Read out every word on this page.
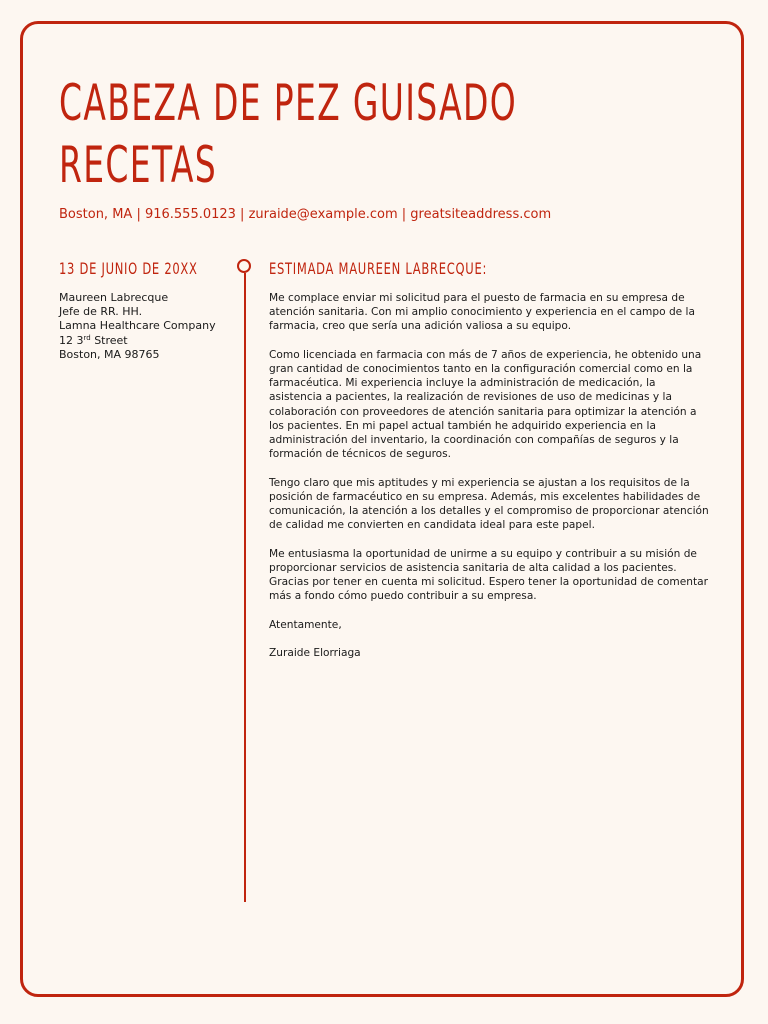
CABEZA DE PEZ GUISADO
RECETAS

Boston, MA | 916.555.0123 | zuraide@example.com | greatsiteaddress.com

13 DE JUNIO DE 20XX

Maureen Labrecque
Jefe de RR. HH.
Lamna Healthcare Company
12 3rd Street
Boston, MA 98765

ESTIMADA MAUREEN LABRECQUE:

Me complace enviar mi solicitud para el puesto de farmacia en su empresa de atención sanitaria. Con mi amplio conocimiento y experiencia en el campo de la farmacia, creo que sería una adición valiosa a su equipo.

Como licenciada en farmacia con más de 7 años de experiencia, he obtenido una gran cantidad de conocimientos tanto en la configuración comercial como en la farmacéutica. Mi experiencia incluye la administración de medicación, la asistencia a pacientes, la realización de revisiones de uso de medicinas y la colaboración con proveedores de atención sanitaria para optimizar la atención a los pacientes. En mi papel actual también he adquirido experiencia en la administración del inventario, la coordinación con compañías de seguros y la formación de técnicos de seguros.

Tengo claro que mis aptitudes y mi experiencia se ajustan a los requisitos de la posición de farmacéutico en su empresa. Además, mis excelentes habilidades de comunicación, la atención a los detalles y el compromiso de proporcionar atención de calidad me convierten en candidata ideal para este papel.

Me entusiasma la oportunidad de unirme a su equipo y contribuir a su misión de proporcionar servicios de asistencia sanitaria de alta calidad a los pacientes. Gracias por tener en cuenta mi solicitud. Espero tener la oportunidad de comentar más a fondo cómo puedo contribuir a su empresa.

Atentamente,

Zuraide Elorriaga
